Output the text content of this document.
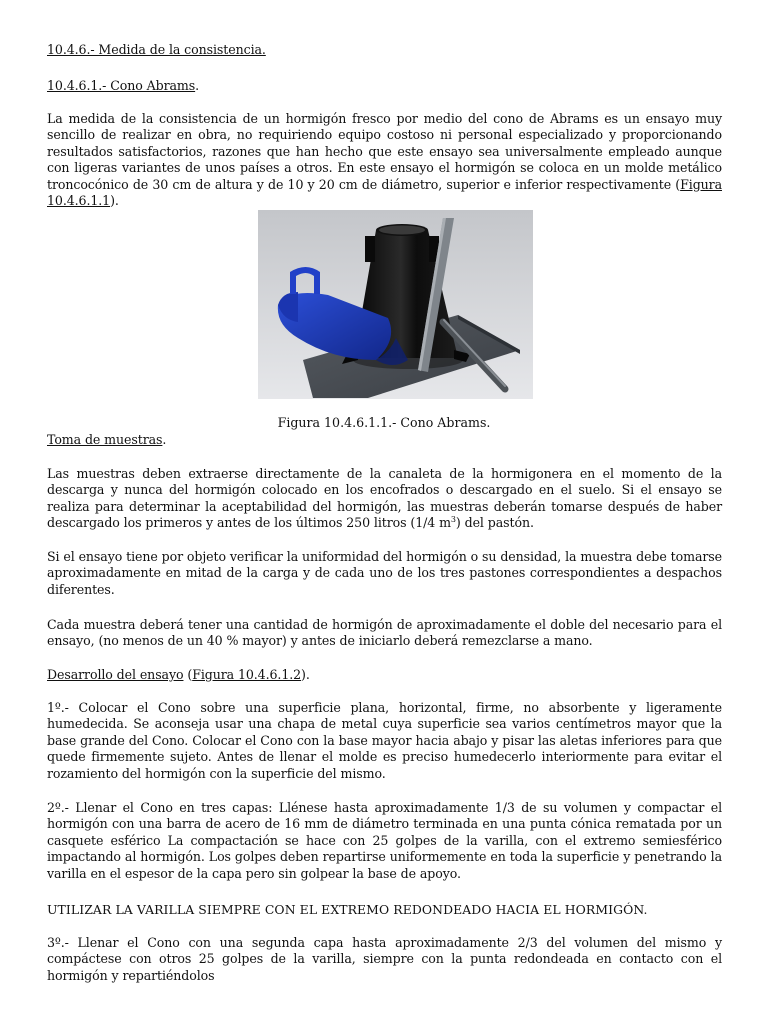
10.4.6.- Medida de la consistencia.

10.4.6.1.- Cono Abrams.

La medida de la consistencia de un hormigón fresco por medio del cono de Abrams es un ensayo muy sencillo de realizar en obra, no requiriendo equipo costoso ni personal especializado y proporcionando resultados satisfactorios, razones que han hecho que este ensayo sea universalmente empleado aunque con ligeras variantes de unos países a otros. En este ensayo el hormigón se coloca en un molde metálico troncocónico de 30 cm de altura y de 10 y 20 cm de diámetro, superior e inferior respectivamente (Figura 10.4.6.1.1).

Figura 10.4.6.1.1.- Cono Abrams.

Toma de muestras.

Las muestras deben extraerse directamente de la canaleta de la hormigonera en el momento de la descarga y nunca del hormigón colocado en los encofrados o descargado en el suelo. Si el ensayo se realiza para determinar la aceptabilidad del hormigón, las muestras deberán tomarse después de haber descargado los primeros y antes de los últimos 250 litros (1/4 $m^3$) del pastón.

Si el ensayo tiene por objeto verificar la uniformidad del hormigón o su densidad, la muestra debe tomarse aproximadamente en mitad de la carga y de cada uno de los tres pastones correspondientes a despachos diferentes.

Cada muestra deberá tener una cantidad de hormigón de aproximadamente el doble del necesario para el ensayo, (no menos de un 40 % mayor) y antes de iniciarlo deberá remezclarse a mano.

Desarrollo del ensayo (Figura 10.4.6.1.2).

1º.- Colocar el Cono sobre una superficie plana, horizontal, firme, no absorbente y ligeramente humedecida. Se aconseja usar una chapa de metal cuya superficie sea varios centímetros mayor que la base grande del Cono. Colocar el Cono con la base mayor hacia abajo y pisar las aletas inferiores para que quede firmemente sujeto. Antes de llenar el molde es preciso humedecerlo interiormente para evitar el rozamiento del hormigón con la superficie del mismo.

2º.- Llenar el Cono en tres capas: Llénese hasta aproximadamente 1/3 de su volumen y compactar el hormigón con una barra de acero de 16 mm de diámetro terminada en una punta cónica rematada por un casquete esférico La compactación se hace con 25 golpes de la varilla, con el extremo semiesférico impactando al hormigón. Los golpes deben repartirse uniformemente en toda la superficie y penetrando la varilla en el espesor de la capa pero sin golpear la base de apoyo.

UTILIZAR LA VARILLA SIEMPRE CON EL EXTREMO REDONDEADO HACIA EL HORMIGÓN.

3º.- Llenar el Cono con una segunda capa hasta aproximadamente 2/3 del volumen del mismo y compáctese con otros 25 golpes de la varilla, siempre con la punta redondeada en contacto con el hormigón y repartiéndolos
